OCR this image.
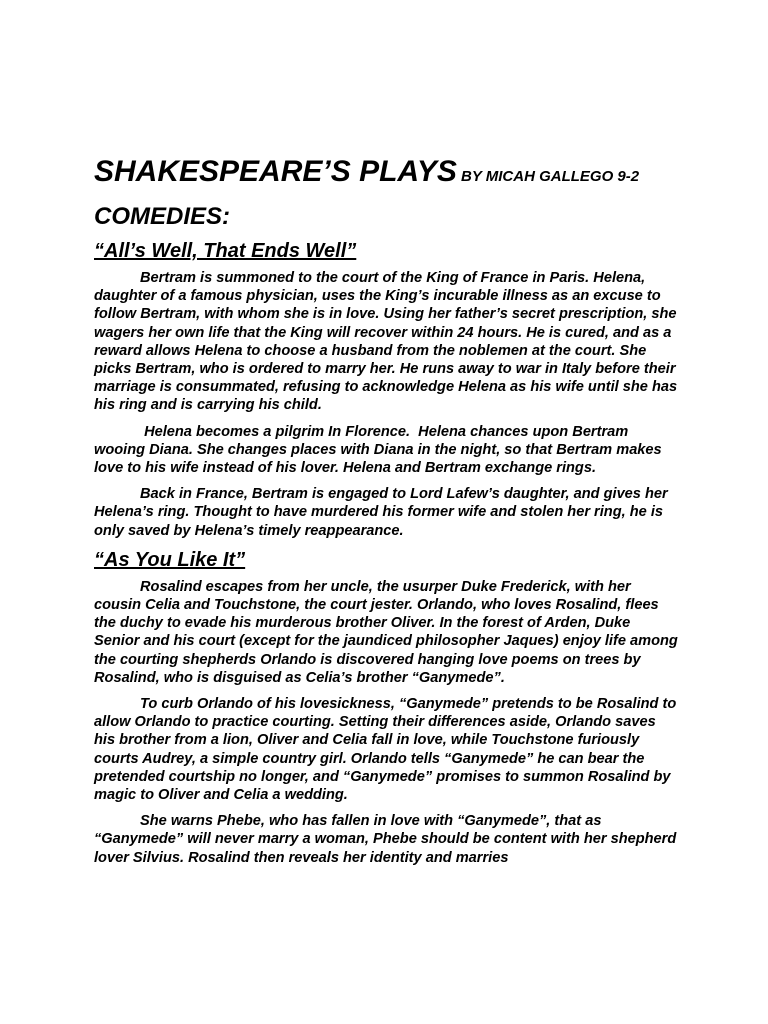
SHAKESPEARE’S PLAYS BY MICAH GALLEGO 9-2
COMEDIES:
“All’s Well, That Ends Well”

Bertram is summoned to the court of the King of France in Paris. Helena, daughter of a famous physician, uses the King’s incurable illness as an excuse to follow Bertram, with whom she is in love. Using her father’s secret prescription, she wagers her own life that the King will recover within 24 hours. He is cured, and as a reward allows Helena to choose a husband from the noblemen at the court. She picks Bertram, who is ordered to marry her. He runs away to war in Italy before their marriage is consummated, refusing to acknowledge Helena as his wife until she has his ring and is carrying his child.

Helena becomes a pilgrim In Florence.  Helena chances upon Bertram wooing Diana. She changes places with Diana in the night, so that Bertram makes love to his wife instead of his lover. Helena and Bertram exchange rings.

Back in France, Bertram is engaged to Lord Lafew’s daughter, and gives her Helena’s ring. Thought to have murdered his former wife and stolen her ring, he is only saved by Helena’s timely reappearance.

“As You Like It”

Rosalind escapes from her uncle, the usurper Duke Frederick, with her cousin Celia and Touchstone, the court jester. Orlando, who loves Rosalind, flees the duchy to evade his murderous brother Oliver. In the forest of Arden, Duke Senior and his court (except for the jaundiced philosopher Jaques) enjoy life among the courting shepherds Orlando is discovered hanging love poems on trees by Rosalind, who is disguised as Celia’s brother “Ganymede”.

To curb Orlando of his lovesickness, “Ganymede” pretends to be Rosalind to allow Orlando to practice courting. Setting their differences aside, Orlando saves his brother from a lion, Oliver and Celia fall in love, while Touchstone furiously courts Audrey, a simple country girl. Orlando tells “Ganymede” he can bear the pretended courtship no longer, and “Ganymede” promises to summon Rosalind by magic to Oliver and Celia a wedding.

She warns Phebe, who has fallen in love with “Ganymede”, that as “Ganymede” will never marry a woman, Phebe should be content with her shepherd lover Silvius. Rosalind then reveals her identity and marries
